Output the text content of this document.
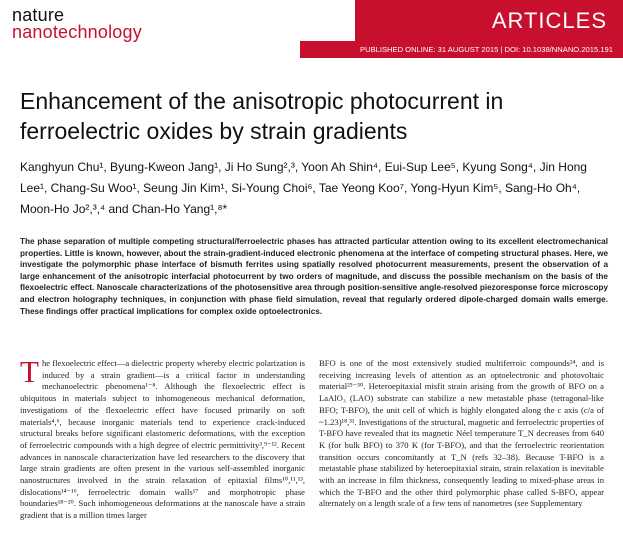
nature
nanotechnology	ARTICLES
PUBLISHED ONLINE: 31 AUGUST 2015 | DOI: 10.1038/NNANO.2015.191
Enhancement of the anisotropic photocurrent in ferroelectric oxides by strain gradients
Kanghyun Chu¹, Byung-Kweon Jang¹, Ji Ho Sung²,³, Yoon Ah Shin⁴, Eui-Sup Lee⁵, Kyung Song⁴, Jin Hong Lee¹, Chang-Su Woo¹, Seung Jin Kim¹, Si-Young Choi⁶, Tae Yeong Koo⁷, Yong-Hyun Kim⁵, Sang-Ho Oh⁴, Moon-Ho Jo²,³,⁴ and Chan-Ho Yang¹,⁸*
The phase separation of multiple competing structural/ferroelectric phases has attracted particular attention owing to its excellent electromechanical properties. Little is known, however, about the strain-gradient-induced electronic phenomena at the interface of competing structural phases. Here, we investigate the polymorphic phase interface of bismuth ferrites using spatially resolved photocurrent measurements, present the observation of a large enhancement of the anisotropic interfacial photocurrent by two orders of magnitude, and discuss the possible mechanism on the basis of the flexoelectric effect. Nanoscale characterizations of the photosensitive area through position-sensitive angle-resolved piezoresponse force microscopy and electron holography techniques, in conjunction with phase field simulation, reveal that regularly ordered dipole-charged domain walls emerge. These findings offer practical implications for complex oxide optoelectronics.
T he flexoelectric effect—a dielectric property whereby electric polarization is induced by a strain gradient—is a critical factor in understanding mechanoelectric phenomena¹⁻⁸. Although the flexoelectric effect is ubiquitous in materials subject to inhomogeneous mechanical deformation, investigations of the flexoelectric effect have focused primarily on soft materials⁴,⁶, because inorganic materials tend to experience crack-induced structural breaks before significant elastomeric deformations, with the exception of ferroelectric compounds with a high degree of electric permittivity³,⁹⁻¹². Recent advances in nanoscale characterization have led researchers to the discovery that large strain gradients are often present in the various self-assembled inorganic nanostructures involved in the strain relaxation of epitaxial films¹⁰,¹¹,¹³, dislocations¹⁴⁻¹⁶, ferroelectric domain walls¹⁷ and morphotropic phase boundaries¹⁸⁻²⁰. Such inhomogeneous deformations at the nanoscale have a strain gradient that is a million times larger
BFO is one of the most extensively studied multiferroic compounds²⁴, and is receiving increasing levels of attention as an optoelectronic and photovoltaic material²⁵⁻³⁰. Heteroepitaxial misfit strain arising from the growth of BFO on a LaAlO₃ (LAO) substrate can stabilize a new metastable phase (tetragonal-like BFO; T-BFO), the unit cell of which is highly elongated along the c axis (c/a of ~1.23)¹⁸,³¹. Investigations of the structural, magnetic and ferroelectric properties of T-BFO have revealed that its magnetic Néel temperature T_N decreases from 640 K (for bulk BFO) to 370 K (for T-BFO), and that the ferroelectric reorientation transition occurs concomitantly at T_N (refs 32–38). Because T-BFO is a metastable phase stabilized by heteroepitaxial strain, strain relaxation is inevitable with an increase in film thickness, consequently leading to mixed-phase areas in which the T-BFO and the other third polymorphic phase called S-BFO, appear alternately on a length scale of a few tens of nanometres (see Supplementary
